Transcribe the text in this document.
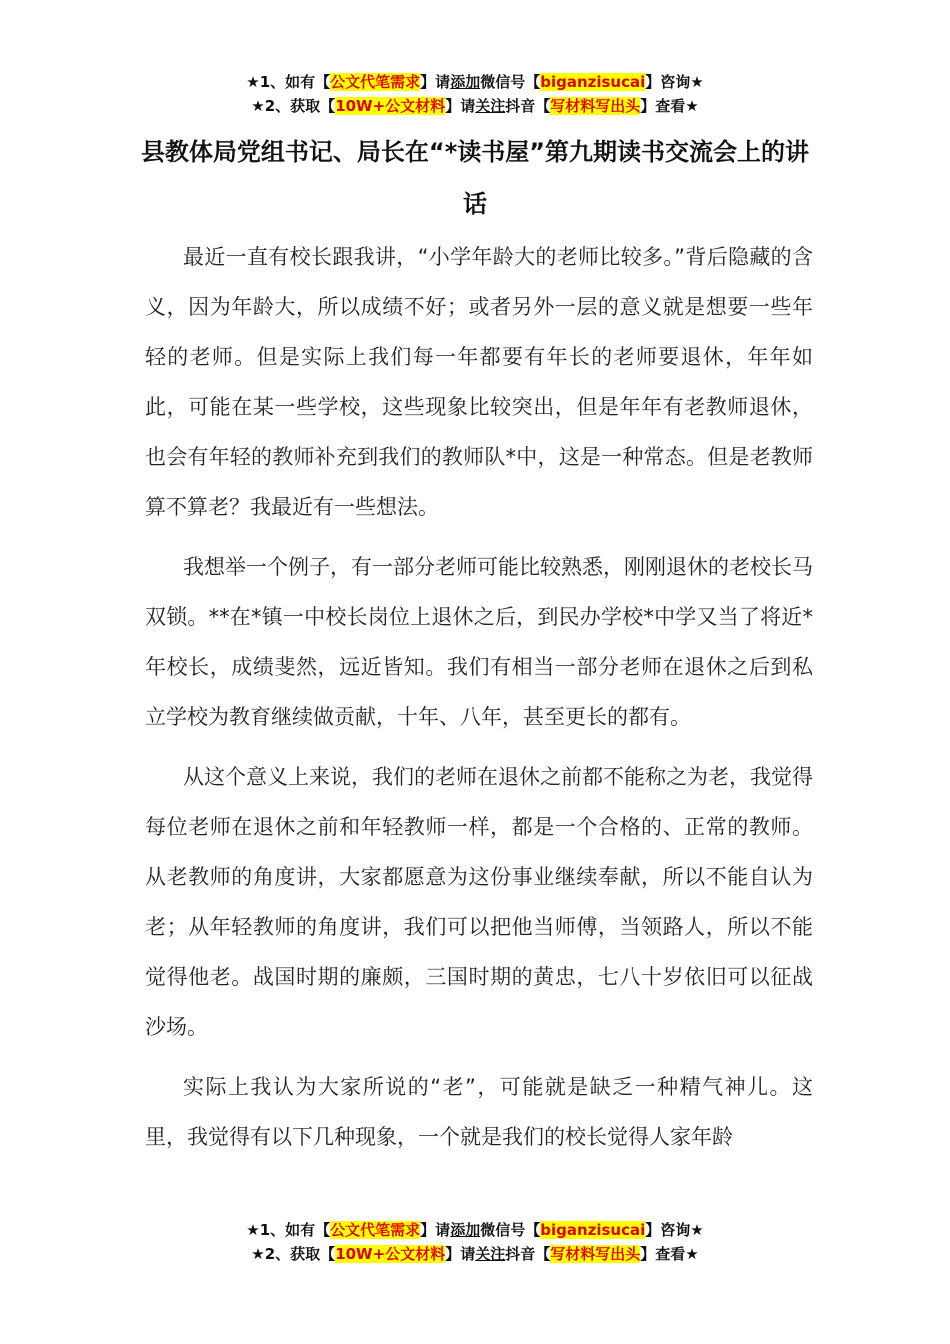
★1、如有【公文代笔需求】请添加微信号【biganzisucai】咨询★
★2、获取【10W+公文材料】请关注抖音【写材料写出头】查看★
县教体局党组书记、局长在“*读书屋”第九期读书交流会上的讲话

最近一直有校长跟我讲，“小学年龄大的老师比较多。”背后隐藏的含义，因为年龄大，所以成绩不好；或者另外一层的意义就是想要一些年轻的老师。但是实际上我们每一年都要有年长的老师要退休，年年如此，可能在某一些学校，这些现象比较突出，但是年年有老教师退休，也会有年轻的教师补充到我们的教师队*中，这是一种常态。但是老教师算不算老？我最近有一些想法。

我想举一个例子，有一部分老师可能比较熟悉，刚刚退休的老校长马双锁。**在*镇一中校长岗位上退休之后，到民办学校*中学又当了将近*年校长，成绩斐然，远近皆知。我们有相当一部分老师在退休之后到私立学校为教育继续做贡献，十年、八年，甚至更长的都有。

从这个意义上来说，我们的老师在退休之前都不能称之为老，我觉得每位老师在退休之前和年轻教师一样，都是一个合格的、正常的教师。从老教师的角度讲，大家都愿意为这份事业继续奉献，所以不能自认为老；从年轻教师的角度讲，我们可以把他当师傅，当领路人，所以不能觉得他老。战国时期的廉颇，三国时期的黄忠，七八十岁依旧可以征战沙场。

实际上我认为大家所说的“老”，可能就是缺乏一种精气神儿。这里，我觉得有以下几种现象，一个就是我们的校长觉得人家年龄

★1、如有【公文代笔需求】请添加微信号【biganzisucai】咨询★
★2、获取【10W+公文材料】请关注抖音【写材料写出头】查看★
